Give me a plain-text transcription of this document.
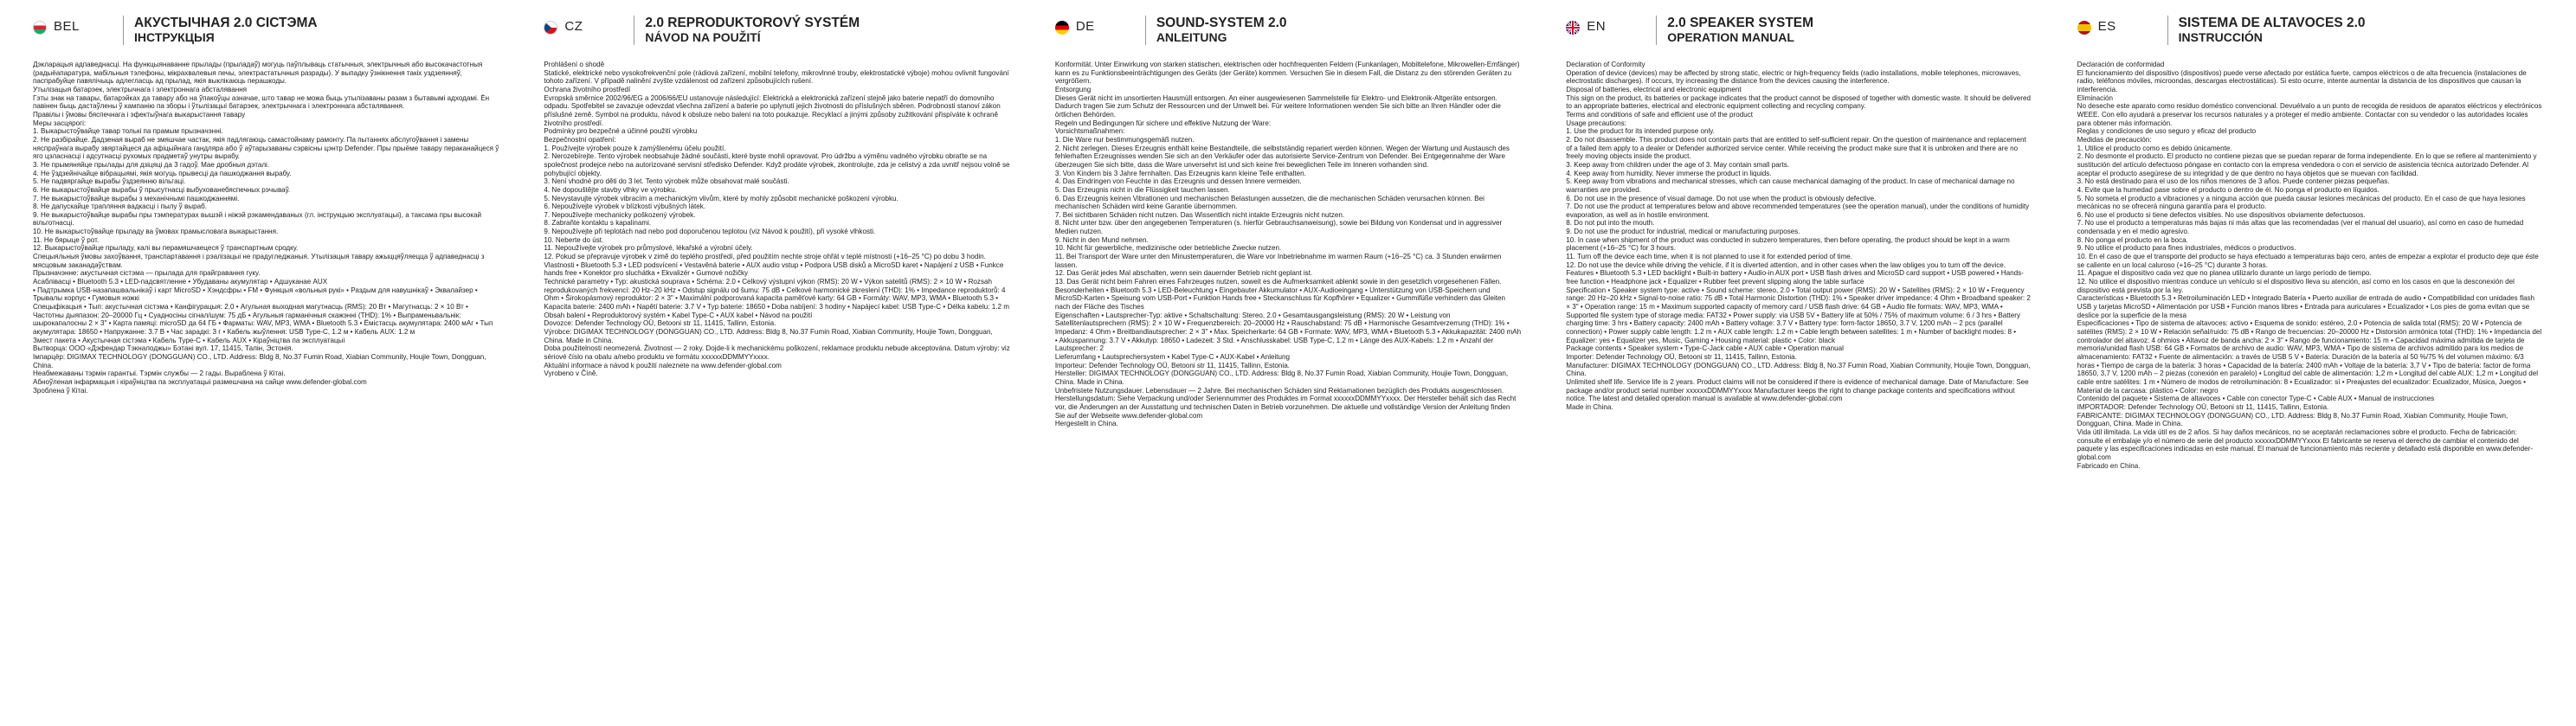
BEL	АКУСТЫЧНАЯ 2.0 СІСТЭМА
ІНСТРУКЦЫЯ
Дэкларацыя адпаведнасці. На функцыянаванне прылады (прыладаў) могуць паўплываць статычныя, электрычныя або высокачастотныя (радыёапаратура, мабільныя тэлефоны, мікрахвалевыя печы, электрастатычныя разрады). У выпадку ўзнікнення такіх уздзеянняў, паспрабуйце павялічыць адлегласць ад прылад, якія выклікаюць перашкоды.
Утылізацыя батарэек, электрычнага і электроннага абсталявання
Гэты знак на тавары, батарэйках да тавару або на ўпакоўцы азначае, што тавар не можа быць утылізаваны разам з бытавымі адходамі. Ён павінен быць дастаўлены ў кампанію па зборы і ўтылізацыі батарэек, электрычнага і электроннага абсталявання.
Правілы і ўмовы бяспечнага і эфектыўнага выкарыстання тавару
Меры засцярогі:
1. Выкарыстоўвайце тавар толькі па прамым прызначэнні.
2. Не разбірайце. Дадзеная выраб не змяшчае частак, якія падлягаюць самастойнаму рамонту. Па пытаннях абслугоўвання і замены няспраўнага вырабу звяртайцеся да афіцыйнага гандляра або ў аўтарызаваны сэрвісны цэнтр Defender. Пры прыёме тавару пераканайцеся ў яго цэласнасці і адсутнасці рухомых прадметаў унутры вырабу.
3. Не прымяняйце прылады для дзіцяці да 3 гадоў. Мае дробныя дэталі.
4. Не ўздзейнічайце вібрацыямі, якія могуць прывесці да пашкоджання вырабу.
5. Не падвяргайце вырабы ўздзеянню вільгаці.
6. Не выкарыстоўвайце вырабы ў прысутнасці выбухованебяспечных рэчываў.
7. Не выкарыстоўвайце вырабы з механічнымі пашкоджаннямі.
8. Не дапускайце трапляння вадкасці і пылу ў выраб.
9. Не выкарыстоўвайце вырабы пры тэмпературах вышэй і ніжэй рэкамендаваных (гл. інструкцыю эксплуатацыі), а таксама пры высокай вільготнасці.
10. Не выкарыстоўвайце прыладу ва ўмовах прамысловага выкарыстання.
11. Не бярыце ў рот.
12. Выкарыстоўвайце прыладу, калі вы перамяшчаецеся ў транспартным сродку.
Спецыяльныя ўмовы захоўвання, транспартавання і рэалізацыі не прадугледжаныя. Утылізацыя тавару ажыццяўляецца ў адпаведнасці з мясцовым заканадаўствам.
Прызначэнне: акустычная сістэма — прылада для прайгравання гуку.
Асаблівасці • Bluetooth 5.3 • LED-падсвятленне • Убудаваны акумулятар • Адшуканае AUX
• Падтрымка USB-назапашвальнікаў і карт MicroSD • Хэндсфры • FM • Функцыя «вольныя рукі» • Раздым для навушнікаў • Эквалайзер • Трывалы корпус • Гумовыя ножкі
Спецыфікацыя • Тып: акустычная сістэма • Канфігурацыя: 2.0 • Агульная выходная магутнасць (RMS): 20 Вт • Магутнасць: 2 × 10 Вт • Частотны дыяпазон: 20–20000 Гц • Суадносіны сігнал/шум: 75 дБ • Агульныя гарманічныя скажэнні (THD): 1% • Выпраменьвальнік: шырокапалосны 2 × 3" • Карта памяці: microSD да 64 ГБ • Фарматы: WAV, MP3, WMA • Bluetooth 5.3 • Ёмістасць акумулятара: 2400 мАг • Тып акумулятара: 18650 • Напружанне: 3.7 В • Час зарадкі: 3 г • Кабель жыўлення: USB Type-C, 1.2 м • Кабель AUX: 1.2 м
Змест пакета • Акустычная сістэма • Кабель Type-C • Кабель AUX • Кіраўніцтва па эксплуатацыі
Вытворца: ООО «Дэфендар Тэкналоджы» Бэтані вул. 17, 11415, Талін, Эстонія.
Імпарцёр: DIGIMAX TECHNOLOGY (DONGGUAN) CO., LTD. Address: Bldg 8, No.37 Fumin Road, Xiabian Community, Houjie Town, Dongguan, China.
Неабмежаваны тэрмін гарантыі. Тэрмін службы — 2 гады. Выраблена ў Кітаі.
Абноўленая інфармацыя і кіраўніцтва па эксплуатацыі размешчана на сайце www.defender-global.com
Зроблена ў Кітаі.
CZ	2.0 REPRODUKTOROVÝ SYSTÉM
NÁVOD NA POUŽITÍ
Prohlášení o shodě
Statické, elektrické nebo vysokofrekvenční pole (rádiová zařízení, mobilní telefony, mikrovlnné trouby, elektrostatické výboje) mohou ovlivnit fungování tohoto zařízení. V případě nalinění zvyšte vzdálenost od zařízení způsobujících rušení.
Ochrana životního prostředí
Evropská směrnice 2002/96/EG a 2006/66/EU ustanovuje následující: Elektrická a elektronická zařízení stejně jako baterie nepatří do domovního odpadu. Spotřebitel se zavazuje odevzdat všechna zařízení a baterie po uplynutí jejich životnosti do příslušných sběren. Podrobnosti stanoví zákon příslušné země. Symbol na produktu, návod k obsluze nebo balení na toto poukazuje. Recyklací a jinými způsoby zužitkování přispíváte k ochraně životního prostředí.
Podmínky pro bezpečné a účinné použití výrobku
Bezpečnostní opatření:
1. Používejte výrobek pouze k zamýšlenému účelu použití.
2. Nerozebírejte. Tento výrobek neobsahuje žádné součásti, které byste mohli opravovat. Pro údržbu a výměnu vadného výrobku obraťte se na společnost prodejce nebo na autorizované servisní středisko Defender. Když prodáte výrobek, zkontrolujte, zda je celistvý a zda uvnitř nejsou volně se pohybující objekty.
3. Není vhodné pro děti do 3 let. Tento výrobek může obsahovat malé součásti.
4. Ne dopouštějte stavby vlhky ve výrobku.
5. Nevystavujte výrobek vibracím a mechanickým vlivům, které by mohly způsobit mechanické poškození výrobku.
6. Nepoužívejte výrobek v blízkosti výbušných látek.
7. Nepoužívejte mechanicky poškozený výrobek.
8. Zabraňte kontaktu s kapalinami.
9. Nepoužívejte při teplotách nad nebo pod doporučenou teplotou (viz Návod k použití), při vysoké vlhkosti.
10. Neberte do úst.
11. Nepoužívejte výrobek pro průmyslové, lékařské a výrobní účely.
12. Pokud se přepravuje výrobek v zimě do teplého prostředí, před použitím nechte stroje ohřát v teplé místnosti (+16–25 °C) po dobu 3 hodin.
Vlastnosti • Bluetooth 5.3 • LED podsvícení • Vestavěná baterie • AUX audio vstup • Podpora USB disků a MicroSD karet • Napájení z USB • Funkce hands free • Konektor pro sluchátka • Ekvalizér • Gumové nožičky
Technické parametry • Typ: akustická souprava • Schéma: 2.0 • Celkový výstupní výkon (RMS): 20 W • Výkon satelitů (RMS): 2 × 10 W • Rozsah reprodukovaných frekvencí: 20 Hz–20 kHz • Odstup signálu od šumu: 75 dB • Celkové harmonické zkreslení (THD): 1% • Impedance reproduktorů: 4 Ohm • Širokopásmový reproduktor: 2 × 3" • Maximální podporovaná kapacita paměťové karty: 64 GB • Formáty: WAV, MP3, WMA • Bluetooth 5.3 • Kapacita baterie: 2400 mAh • Napětí baterie: 3.7 V • Typ baterie: 18650 • Doba nabíjení: 3 hodiny • Napájecí kabel: USB Type-C • Délka kabelu: 1.2 m
Obsah balení • Reproduktorový systém • Kabel Type-C • AUX kabel • Návod na použití
Dovozce: Defender Technology OÜ, Betooni str 11, 11415, Tallinn, Estonia.
Výrobce: DIGIMAX TECHNOLOGY (DONGGUAN) CO., LTD. Address: Bldg 8, No.37 Fumin Road, Xiabian Community, Houjie Town, Dongguan, China. Made in China.
Doba použitelnosti neomezená. Životnost — 2 roky. Dojde-li k mechanickému poškození, reklamace produktu nebude akceptována. Datum výroby: viz sériové číslo na obalu a/nebo produktu ve formátu xxxxxxDDMMYYxxxx.
Aktuální informace a návod k použití naleznete na www.defender-global.com
Vyrobeno v Číně.
DE	SOUND-SYSTEM 2.0
ANLEITUNG
Konformität. Unter Einwirkung von starken statischen, elektrischen oder hochfrequenten Feldern (Funkanlagen, Mobiltelefone, Mikrowellen-Emfänger) kann es zu Funktionsbeeinträchtigungen des Geräts (der Geräte) kommen. Versuchen Sie in diesem Fall, die Distanz zu den störenden Geräten zu vergrößern.
Entsorgung
Dieses Gerät nicht im unsortierten Hausmüll entsorgen. An einer ausgewiesenen Sammelstelle für Elektro- und Elektronik-Altgeräte entsorgen. Dadurch tragen Sie zum Schutz der Ressourcen und der Umwelt bei. Für weitere Informationen wenden Sie sich bitte an Ihren Händler oder die örtlichen Behörden.
Regeln und Bedingungen für sichere und effektive Nutzung der Ware:
Vorsichtsmaßnahmen:
1. Die Ware nur bestimmungsgemäß nutzen.
2. Nicht zerlegen. Dieses Erzeugnis enthält keine Bestandteile, die selbstständig repariert werden können. Wegen der Wartung und Austausch des fehlerhaften Erzeugnisses wenden Sie sich an den Verkäufer oder das autorisierte Service-Zentrum von Defender. Bei Entgegennahme der Ware überzeugen Sie sich bitte, dass die Ware unversehrt ist und sich keine frei beweglichen Teile im Inneren vorhanden sind.
3. Von Kindern bis 3 Jahre fernhalten. Das Erzeugnis kann kleine Teile enthalten.
4. Das Eindringen von Feuchte in das Erzeugnis und dessen Innere vermeiden.
5. Das Erzeugnis nicht in die Flüssigkeit tauchen lassen.
6. Das Erzeugnis keinen Vibrationen und mechanischen Belastungen aussetzen, die die mechanischen Schäden verursachen können. Bei mechanischen Schäden wird keine Garantie übernommen.
7. Bei sichtbaren Schäden nicht nutzen. Das Wissentlich nicht intakte Erzeugnis nicht nutzen.
8. Nicht unter bzw. über den angegebenen Temperaturen (s. hierfür Gebrauchsanweisung), sowie bei Bildung von Kondensat und in aggressiver Medien nutzen.
9. Nicht in den Mund nehmen.
10. Nicht für gewerbliche, medizinische oder betriebliche Zwecke nutzen.
11. Bei Transport der Ware unter den Minustemperaturen, die Ware vor Inbetriebnahme im warmen Raum (+16–25 °C) ca. 3 Stunden erwärmen lassen.
12. Das Gerät jedes Mal abschalten, wenn sein dauernder Betrieb nicht geplant ist.
13. Das Gerät nicht beim Fahren eines Fahrzeuges nutzen, soweit es die Aufmerksamkeit ablenkt sowie in den gesetzlich vorgesehenen Fällen.
Besonderheiten • Bluetooth 5.3 • LED-Beleuchtung • Eingebauter Akkumulator • AUX-Audioeingang • Unterstützung von USB-Speichern und MicroSD-Karten • Speisung vom USB-Port • Funktion Hands free • Steckanschluss für Kopfhörer • Equalizer • Gummifüße verhindern das Gleiten nach der Fläche des Tisches
Eigenschaften • Lautsprecher-Typ: aktive • Schaltschaltung: Stereo, 2.0 • Gesamtausgangsleistung (RMS): 20 W • Leistung von Satellitenlautsprechern (RMS): 2 × 10 W • Frequenzbereich: 20–20000 Hz • Rauschabstand: 75 dB • Harmonische Gesamtverzerrung (THD): 1% • Impedanz: 4 Ohm • Breitbandlautsprecher: 2 × 3" • Max. Speicherkarte: 64 GB • Formate: WAV, MP3, WMA • Bluetooth 5.3 • Akkukapazität: 2400 mAh • Akkuspannung: 3.7 V • Akkutyp: 18650 • Ladezeit: 3 Std. • Anschlusskabel: USB Type-C, 1.2 m • Länge des AUX-Kabels: 1.2 m • Anzahl der Lautsprecher: 2
Lieferumfang • Lautsprechersystem • Kabel Type-C • AUX-Kabel • Anleitung
Importeur: Defender Technology OÜ, Betooni str 11, 11415, Tallinn, Estonia.
Hersteller: DIGIMAX TECHNOLOGY (DONGGUAN) CO., LTD. Address: Bldg 8, No.37 Fumin Road, Xiabian Community, Houjie Town, Dongguan, China. Made in China.
Unbefristete Nutzungsdauer. Lebensdauer — 2 Jahre. Bei mechanischen Schäden sind Reklamationen bezüglich des Produkts ausgeschlossen. Herstellungsdatum: Siehe Verpackung und/oder Seriennummer des Produktes im Format xxxxxxDDMMYYxxxx. Der Hersteller behält sich das Recht vor, die Änderungen an der Ausstattung und technischen Daten in Betrieb vorzunehmen. Die aktuelle und vollständige Version der Anleitung finden Sie auf der Webseite www.defender-global.com
Hergestellt in China.
EN	2.0 SPEAKER SYSTEM
OPERATION MANUAL
Declaration of Conformity
Operation of device (devices) may be affected by strong static, electric or high-frequency fields (radio installations, mobile telephones, microwaves, electrostatic discharges). If occurs, try increasing the distance from the devices causing the interference.
Disposal of batteries, electrical and electronic equipment
This sign on the product, its batteries or package indicates that the product cannot be disposed of together with domestic waste. It should be delivered to an appropriate batteries, electrical and electronic equipment collecting and recycling company.
Terms and conditions of safe and efficient use of the product
Usage precautions:
1. Use the product for its intended purpose only.
2. Do not disassemble. This product does not contain parts that are entitled to self-sufficient repair. On the question of maintenance and replacement of a failed item apply to a dealer or Defender authorized service center. While receiving the product make sure that it is unbroken and there are no freely moving objects inside the product.
3. Keep away from children under the age of 3. May contain small parts.
4. Keep away from humidity. Never immerse the product in liquids.
5. Keep away from vibrations and mechanical stresses, which can cause mechanical damaging of the product. In case of mechanical damage no warranties are provided.
6. Do not use in the presence of visual damage. Do not use when the product is obviously defective.
7. Do not use the product at temperatures below and above recommended temperatures (see the operation manual), under the conditions of humidity evaporation, as well as in hostile environment.
8. Do not put into the mouth.
9. Do not use the product for industrial, medical or manufacturing purposes.
10. In case when shipment of the product was conducted in subzero temperatures, then before operating, the product should be kept in a warm placement (+16–25 °C) for 3 hours.
11. Turn off the device each time, when it is not planned to use it for extended period of time.
12. Do not use the device while driving the vehicle, if it is diverted attention, and in other cases when the law obliges you to turn off the device.
Features • Bluetooth 5.3 • LED backlight • Built-in battery • Audio-in AUX port • USB flash drives and MicroSD card support • USB powered • Hands-free function • Headphone jack • Equalizer • Rubber feet prevent slipping along the table surface
Specification • Speaker system type: active • Sound scheme: stereo, 2.0 • Total output power (RMS): 20 W • Satellites (RMS): 2 × 10 W • Frequency range: 20 Hz–20 kHz • Signal-to-noise ratio: 75 dB • Total Harmonic Distortion (THD): 1% • Speaker driver impedance: 4 Ohm • Broadband speaker: 2 × 3" • Operation range: 15 m • Maximum supported capacity of memory card / USB flash drive: 64 GB • Audio file formats: WAV, MP3, WMA • Supported file system type of storage media: FAT32 • Power supply: via USB 5V • Battery life at 50% / 75% of maximum volume: 6 / 3 hrs • Battery charging time: 3 hrs • Battery capacity: 2400 mAh • Battery voltage: 3.7 V • Battery type: form-factor 18650, 3.7 V, 1200 mAh – 2 pcs (parallel connection) • Power supply cable length: 1.2 m • AUX cable length: 1.2 m • Cable length between satellites: 1 m • Number of backlight modes: 8 • Equalizer: yes • Equalizer yes, Music, Gaming • Housing material: plastic • Color: black
Package contents • Speaker system • Type-C-Jack cable • AUX cable • Operation manual
Importer: Defender Technology OÜ, Betooni str 11, 11415, Tallinn, Estonia.
Manufacturer: DIGIMAX TECHNOLOGY (DONGGUAN) CO., LTD. Address: Bldg 8, No.37 Fumin Road, Xiabian Community, Houjie Town, Dongguan, China.
Unlimited shelf life. Service life is 2 years. Product claims will not be considered if there is evidence of mechanical damage. Date of Manufacture: See package and/or product serial number xxxxxxDDMMYYxxxx Manufacturer keeps the right to change package contents and specifications without notice. The latest and detailed operation manual is available at www.defender-global.com
Made in China.
ES	SISTEMA DE ALTAVOCES 2.0
INSTRUCCIÓN
Declaración de conformidad
El funcionamiento del dispositivo (dispositivos) puede verse afectado por estática fuerte, campos eléctricos o de alta frecuencia (instalaciones de radio, teléfonos móviles, microondas, descargas electrostáticas). Si esto ocurre, intente aumentar la distancia de los dispositivos que causan la interferencia.
Eliminación
No deseche este aparato como residuo doméstico convencional. Devuélvalo a un punto de recogida de residuos de aparatos eléctricos y electrónicos WEEE. Con ello ayudará a preservar los recursos naturales y a proteger el medio ambiente. Contactar con su vendedor o las autoridades locales para obtener más información.
Reglas y condiciones de uso seguro y eficaz del producto
Medidas de precaución:
1. Utilice el producto como es debido únicamente.
2. No desmonte el producto. El producto no contiene piezas que se puedan reparar de forma independiente. En lo que se refiere al mantenimiento y sustitución del artículo defectuoso póngase en contacto con la empresa vendedora o con el servicio de asistencia técnica autorizado Defender. Al aceptar el producto asegúrese de su integridad y de que dentro no haya objetos que se muevan con facilidad.
3. No está destinado para el uso de los niños menores de 3 años. Puede contener piezas pequeñas.
4. Evite que la humedad pase sobre el producto o dentro de él. No ponga el producto en líquidos.
5. No someta el producto a vibraciones y a ninguna acción que pueda causar lesiones mecánicas del producto. En el caso de que haya lesiones mecánicas no se ofrecerá ninguna garantía para el producto.
6. No use el producto si tiene defectos visibles. No use dispositivos obviamente defectuosos.
7. No use el producto a temperaturas más bajas ni más altas que las recomendadas (ver el manual del usuario), así como en caso de humedad condensada y en el medio agresivo.
8. No ponga el producto en la boca.
9. No utilice el producto para fines industriales, médicos o productivos.
10. En el caso de que el transporte del producto se haya efectuado a temperaturas bajo cero, antes de empezar a explotar el producto deje que éste se caliente en un local caluroso (+16–25 °C) durante 3 horas.
11. Apague el dispositivo cada vez que no planea utilizarlo durante un largo período de tiempo.
12. No utilice el dispositivo mientras conduce un vehículo si el dispositivo lleva su atención, así como en los casos en que la desconexión del dispositivo está prevista por la ley.
Características • Bluetooth 5.3 • Retroiluminación LED • Integrado Batería • Puerto auxiliar de entrada de audio • Compatibilidad con unidades flash USB y tarjetas MicroSD • Alimentación por USB • Función manos libres • Entrada para auriculares • Ecualizador • Los pies de goma evitan que se deslice por la superficie de la mesa
Especificaciones • Tipo de sistema de altavoces: activo • Esquema de sonido: estéreo, 2.0 • Potencia de salida total (RMS): 20 W • Potencia de satélites (RMS): 2 × 10 W • Relación señal/ruido: 75 dB • Rango de frecuencias: 20–20000 Hz • Distorsión armónica total (THD): 1% • Impedancia del controlador del altavoz: 4 ohmios • Altavoz de banda ancha: 2 × 3" • Rango de funcionamiento: 15 m • Capacidad máxima admitida de tarjeta de memoria/unidad flash USB: 64 GB • Formatos de archivo de audio: WAV, MP3, WMA • Tipo de sistema de archivos admitido para los medios de almacenamiento: FAT32 • Fuente de alimentación: a través de USB 5 V • Batería: Duración de la batería al 50 %/75 % del volumen máximo: 6/3 horas • Tiempo de carga de la batería: 3 horas • Capacidad de la batería: 2400 mAh • Voltaje de la batería: 3,7 V • Tipo de batería: factor de forma 18650, 3,7 V, 1200 mAh – 2 piezas (conexión en paralelo) • Longitud del cable de alimentación: 1,2 m • Longitud del cable AUX: 1,2 m • Longitud del cable entre satélites: 1 m • Número de modos de retroiluminación: 8 • Ecualizador: sí • Preajustes del ecualizador: Ecualizador, Música, Juegos • Material de la carcasa: plástico • Color: negro
Contenido del paquete • Sistema de altavoces • Cable con conector Type-C • Cable AUX • Manual de instrucciones
IMPORTADOR: Defender Technology OÜ, Betooni str 11, 11415, Tallinn, Estonia.
FABRICANTE: DIGIMAX TECHNOLOGY (DONGGUAN) CO., LTD. Address: Bldg 8, No.37 Fumin Road, Xiabian Community, Houjie Town, Dongguan, China. Made in China.
Vida útil ilimitada. La vida útil es de 2 años. Si hay daños mecánicos, no se aceptarán reclamaciones sobre el producto. Fecha de fabricación: consulte el embalaje y/o el número de serie del producto xxxxxxDDMMYYxxxx El fabricante se reserva el derecho de cambiar el contenido del paquete y las especificaciones indicadas en este manual. El manual de funcionamiento más reciente y detallado está disponible en www.defender-global.com
Fabricado en China.
